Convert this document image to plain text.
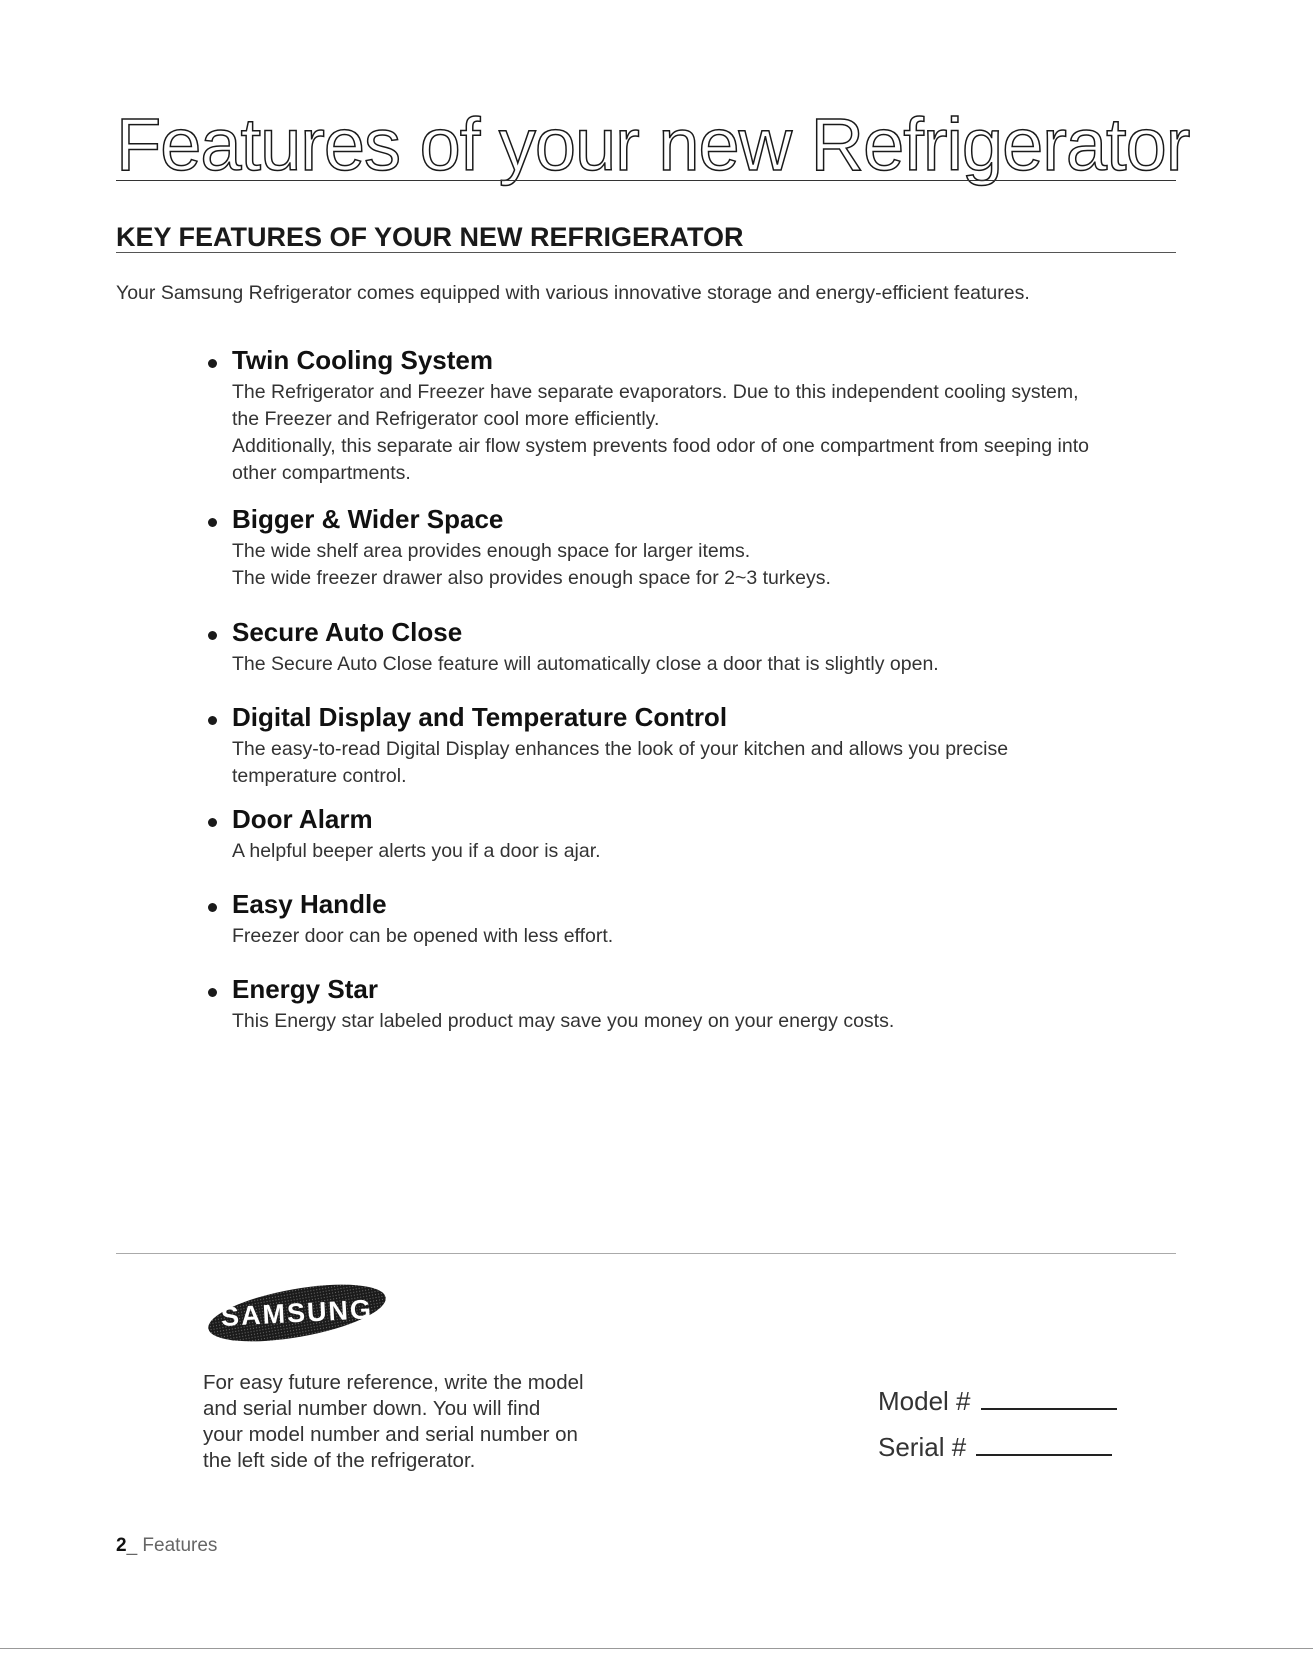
Features of your new Refrigerator
KEY FEATURES OF YOUR NEW REFRIGERATOR

Your Samsung Refrigerator comes equipped with various innovative storage and energy-efficient features.

Twin Cooling System

The Refrigerator and Freezer have separate evaporators. Due to this independent cooling system,
the Freezer and Refrigerator cool more efficiently.
Additionally, this separate air flow system prevents food odor of one compartment from seeping into
other compartments.

Bigger & Wider Space

The wide shelf area provides enough space for larger items.
The wide freezer drawer also provides enough space for 2~3 turkeys.

Secure Auto Close

The Secure Auto Close feature will automatically close a door that is slightly open.

Digital Display and Temperature Control

The easy-to-read Digital Display enhances the look of your kitchen and allows you precise
temperature control.

Door Alarm

A helpful beeper alerts you if a door is ajar.

Easy Handle

Freezer door can be opened with less effort.

Energy Star

This Energy star labeled product may save you money on your energy costs.

SAMSUNG

For easy future reference, write the model
and serial number down. You will find
your model number and serial number on
the left side of the refrigerator.

Model #
Serial #
2_ Features
